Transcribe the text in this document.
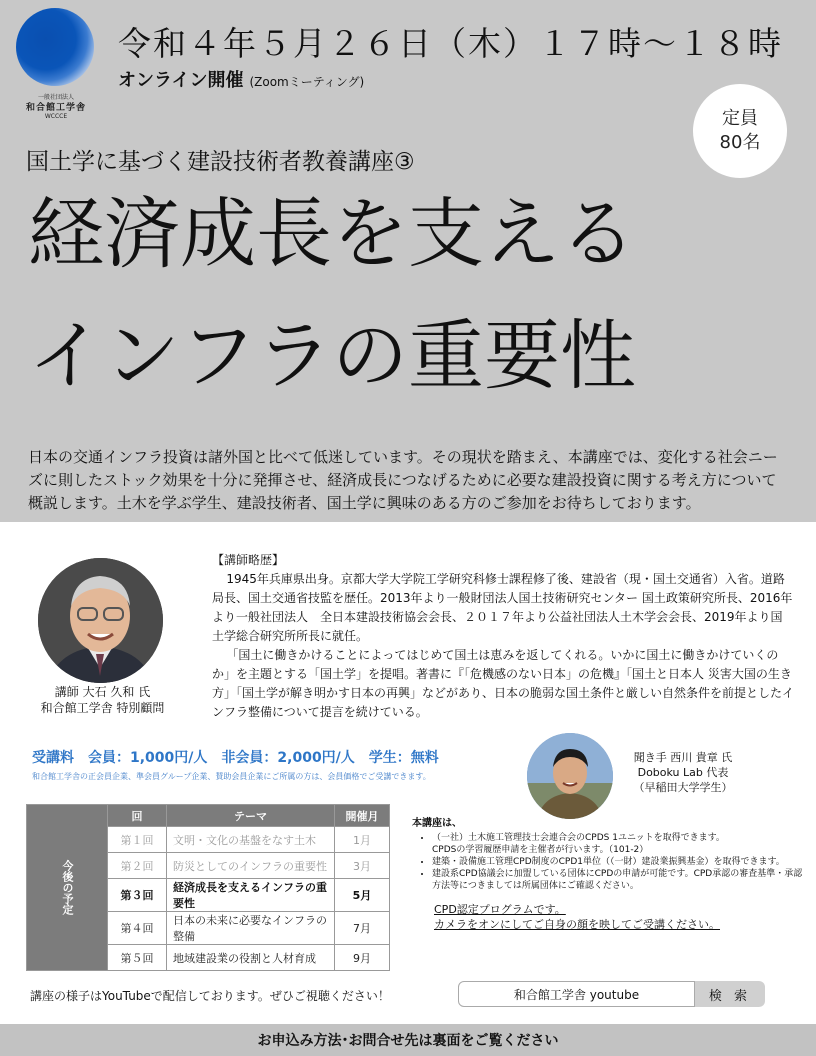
一般社団法人
和合館工学舎
WCCCE
令和４年５月２６日（木）１７時～１８時
オンライン開催 (Zoomミーティング)
定員
80名
国土学に基づく建設技術者教養講座③
経済成長を支える
インフラの重要性
日本の交通インフラ投資は諸外国と比べて低迷しています。その現状を踏まえ、本講座では、変化する社会ニーズに則したストック効果を十分に発揮させ、経済成長につなげるために必要な建設投資に関する考え方について概説します。土木を学ぶ学生、建設技術者、国土学に興味のある方のご参加をお待ちしております。
講師 大石 久和 氏
和合館工学舎 特別顧問

【講師略歴】

1945年兵庫県出身。京都大学大学院工学研究科修士課程修了後、建設省（現・国土交通省）入省。道路局長、国土交通省技監を歴任。2013年より一般財団法人国土技術研究センター 国土政策研究所長、2016年より一般社団法人　全日本建設技術協会会長、２０１７年より公益社団法人土木学会会長、2019年より国土学総合研究所所長に就任。

「国土に働きかけることによってはじめて国土は恵みを返してくれる。いかに国土に働きかけていくのか」を主題とする「国土学」を提唱。著書に『「危機感のない日本」の危機』「国土と日本人 災害大国の生き方」「国土学が解き明かす日本の再興」などがあり、日本の脆弱な国土条件と厳しい自然条件を前提としたインフラ整備について提言を続けている。

受講料　会員：1,000円/人　非会員：2,000円/人　学生：無料
和合館工学舎の正会員企業、準会員グループ企業、賛助会員企業にご所属の方は、会員価格でご受講できます。
聞き手 西川 貴章 氏
Doboku Lab 代表
（早稲田大学学生）
今後の予定	回	テーマ	開催月
	第１回	文明・文化の基盤をなす土木	1月
	第２回	防災としてのインフラの重要性	3月
	第３回	経済成長を支えるインフラの重要性	5月
	第４回	日本の未来に必要なインフラの整備	7月
	第５回	地域建設業の役割と人材育成	9月
本講座は、
• （一社）土木施工管理技士会連合会のCPDS 1ユニットを取得できます。
CPDSの学習履歴申請を主催者が行います。（101-2）
• 建築・設備施工管理CPD制度のCPD1単位（（一財）建設業振興基金）を取得できます。
• 建設系CPD協議会に加盟している団体にCPDの申請が可能です。CPD承認の審査基準・承認方法等につきましては所属団体にご確認ください。
CPD認定プログラムです。
カメラをオンにしてご自身の顔を映してご受講ください。
講座の様子はYouTubeで配信しております。ぜひご視聴ください！	和合館工学舎 youtube	検 索
お申込み方法･お問合せ先は裏面をご覧ください
